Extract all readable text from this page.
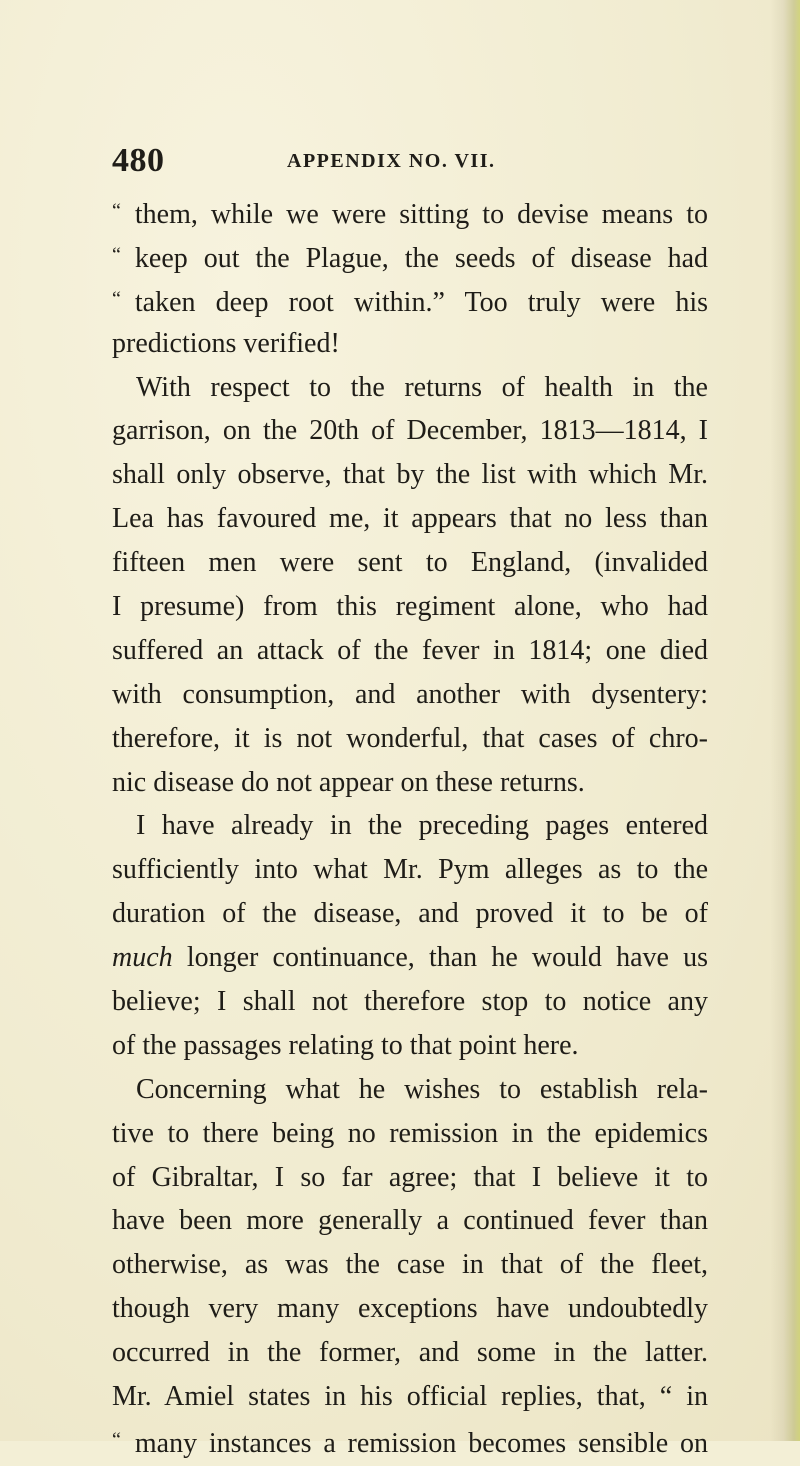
480	APPENDIX NO. VII.
“ them, while we were sitting to devise means to
“ keep out the Plague, the seeds of disease had
“ taken deep root within.” Too truly were his
predictions verified!
With respect to the returns of health in the
garrison, on the 20th of December, 1813—1814, I
shall only observe, that by the list with which Mr.
Lea has favoured me, it appears that no less than
fifteen men were sent to England, (invalided
I presume) from this regiment alone, who had
suffered an attack of the fever in 1814; one died
with consumption, and another with dysentery:
therefore, it is not wonderful, that cases of chro-
nic disease do not appear on these returns.
I have already in the preceding pages entered
sufficiently into what Mr. Pym alleges as to the
duration of the disease, and proved it to be of
much longer continuance, than he would have us
believe; I shall not therefore stop to notice any
of the passages relating to that point here.
Concerning what he wishes to establish rela-
tive to there being no remission in the epidemics
of Gibraltar, I so far agree; that I believe it to
have been more generally a continued fever than
otherwise, as was the case in that of the fleet,
though very many exceptions have undoubtedly
occurred in the former, and some in the latter.
Mr. Amiel states in his official replies, that, “ in
“ many instances a remission becomes sensible on
